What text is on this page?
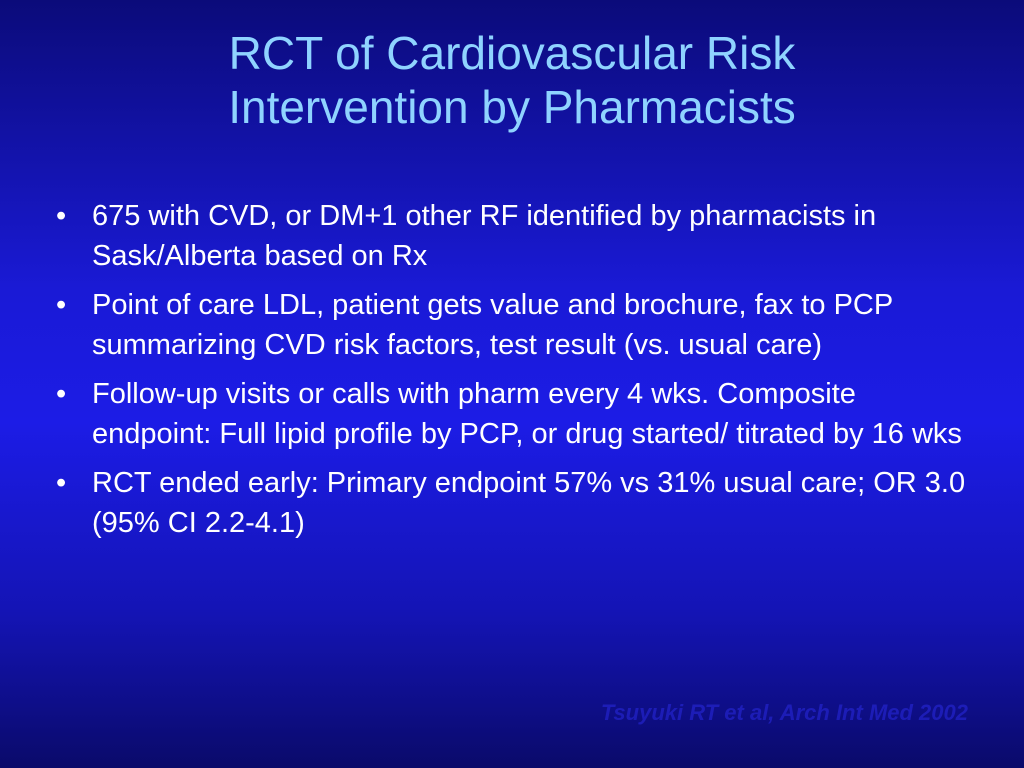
RCT of Cardiovascular Risk
Intervention by Pharmacists
• 675 with CVD, or DM+1 other RF identified by pharmacists in Sask/Alberta based on Rx
• Point of care LDL, patient gets value and brochure, fax to PCP summarizing CVD risk factors, test result (vs. usual care)
• Follow-up visits or calls with pharm every 4 wks. Composite endpoint: Full lipid profile by PCP, or drug started/ titrated by 16 wks
• RCT ended early: Primary endpoint 57% vs 31% usual care; OR 3.0 (95% CI 2.2-4.1)
Tsuyuki RT et al, Arch Int Med 2002
